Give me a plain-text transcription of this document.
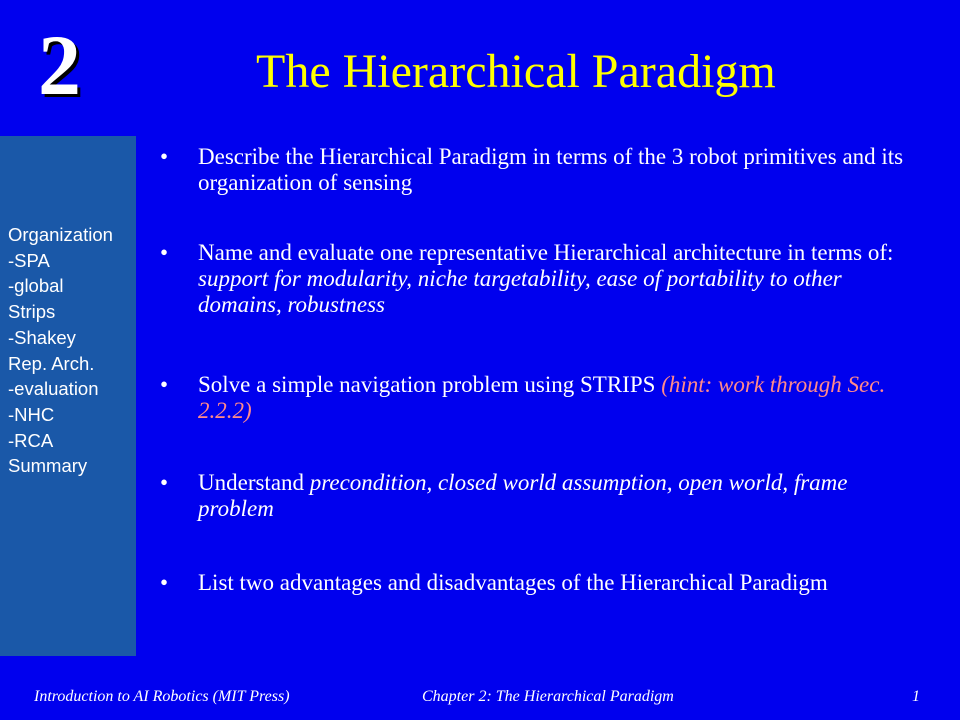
2	The Hierarchical Paradigm
Organization
-SPA
-global
Strips
-Shakey
Rep. Arch.
-evaluation
-NHC
-RCA
Summary
• Describe the Hierarchical Paradigm in terms of the 3 robot primitives and its organization of sensing
• Name and evaluate one representative Hierarchical architecture in terms of: support for modularity, niche targetability, ease of portability to other domains, robustness
• Solve a simple navigation problem using STRIPS (hint: work through Sec. 2.2.2)
• Understand precondition, closed world assumption, open world, frame problem
• List two advantages and disadvantages of the Hierarchical Paradigm
Introduction to AI Robotics (MIT Press)	Chapter 2: The Hierarchical Paradigm	1
